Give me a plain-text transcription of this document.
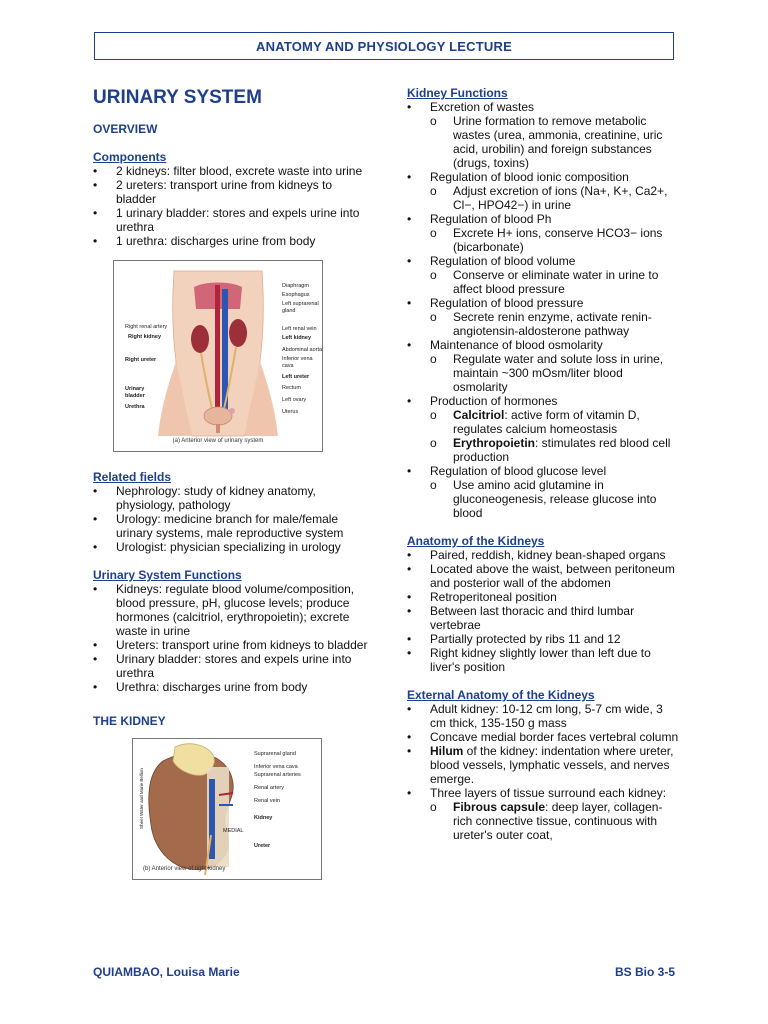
ANATOMY AND PHYSIOLOGY LECTURE
URINARY SYSTEM
OVERVIEW
Components
• 2 kidneys: filter blood, excrete waste into urine
• 2 ureters: transport urine from kidneys to bladder
• 1 urinary bladder: stores and expels urine into urethra
• 1 urethra: discharges urine from body
Diaphragm
Esophagus
Left suprarenal
gland
Right renal artery	Left renal vein
Right kidney	Left kidney
Abdominal aorta
Inferior vena
cava
Right ureter
Left ureter
Rectum
Urinary
bladder
Left ovary
Urethra
Uterus
(a) Anterior view of urinary system
Related fields
• Nephrology: study of kidney anatomy, physiology, pathology
• Urology: medicine branch for male/female urinary systems, male reproductive system
• Urologist: physician specializing in urology
Urinary System Functions
• Kidneys: regulate blood volume/composition, blood pressure, pH, glucose levels; produce hormones (calcitriol, erythropoietin); excrete waste in urine
• Ureters: transport urine from kidneys to bladder
• Urinary bladder: stores and expels urine into urethra
• Urethra: discharges urine from body
THE KIDNEY
Sheet Water and Marie Bellion
Suprarenal gland
Inferior vena cava
Suprarenal arteries
Renal artery
Renal vein
Kidney
MEDIAL
Ureter
(b) Anterior view of right kidney
Kidney Functions
• Excretion of wastes
o Urine formation to remove metabolic wastes (urea, ammonia, creatinine, uric acid, urobilin) and foreign substances (drugs, toxins)
• Regulation of blood ionic composition
o Adjust excretion of ions (Na+, K+, Ca2+, Cl−, HPO42−) in urine
• Regulation of blood Ph
o Excrete H+ ions, conserve HCO3− ions (bicarbonate)
• Regulation of blood volume
o Conserve or eliminate water in urine to affect blood pressure
• Regulation of blood pressure
o Secrete renin enzyme, activate renin-angiotensin-aldosterone pathway
• Maintenance of blood osmolarity
o Regulate water and solute loss in urine, maintain ~300 mOsm/liter blood osmolarity
• Production of hormones
o Calcitriol: active form of vitamin D, regulates calcium homeostasis
o Erythropoietin: stimulates red blood cell production
• Regulation of blood glucose level
o Use amino acid glutamine in gluconeogenesis, release glucose into blood
Anatomy of the Kidneys
• Paired, reddish, kidney bean-shaped organs
• Located above the waist, between peritoneum and posterior wall of the abdomen
• Retroperitoneal position
• Between last thoracic and third lumbar vertebrae
• Partially protected by ribs 11 and 12
• Right kidney slightly lower than left due to liver's position
External Anatomy of the Kidneys
• Adult kidney: 10-12 cm long, 5-7 cm wide, 3 cm thick, 135-150 g mass
• Concave medial border faces vertebral column
• Hilum of the kidney: indentation where ureter, blood vessels, lymphatic vessels, and nerves emerge.
• Three layers of tissue surround each kidney:
o Fibrous capsule: deep layer, collagen-rich connective tissue, continuous with ureter's outer coat,
QUIAMBAO, Louisa Marie	BS Bio 3-5
